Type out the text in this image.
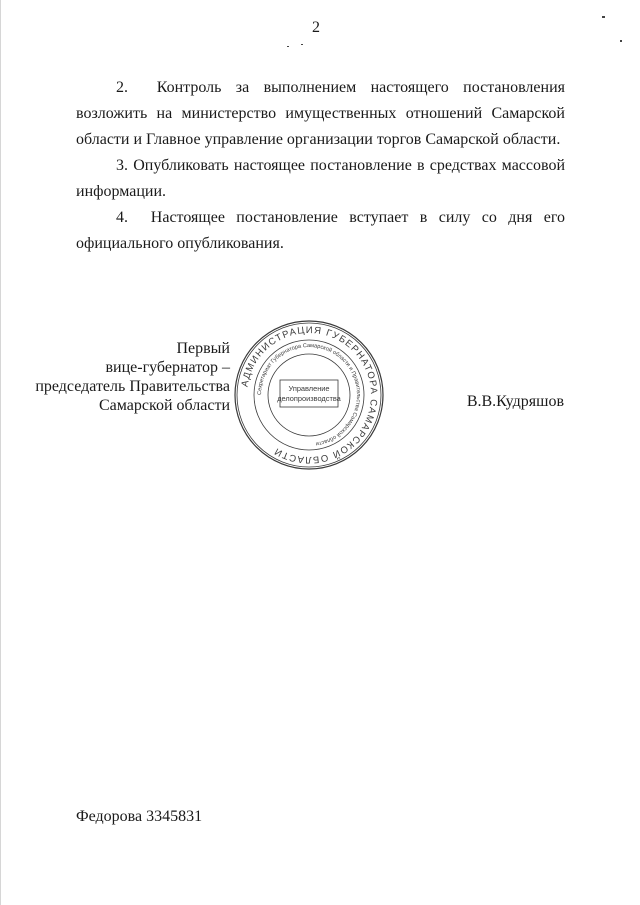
2

2. Контроль за выполнением настоящего постановления возложить на министерство имущественных отношений Самарской области и Главное управление организации торгов Самарской области.

3. Опубликовать настоящее постановление в средствах массовой информации.

4. Настоящее постановление вступает в силу со дня его официального опубликования.

Первый
вице-губернатор –
председатель Правительства
Самарской области
АДМИНИСТРАЦИЯ ГУБЕРНАТОРА САМАРСКОЙ ОБЛАСТИ
Секретариат Губернатора Самарской области и Правительства Самарской области
Управление
делопроизводства	В.В.Кудряшов
Федорова 3345831
